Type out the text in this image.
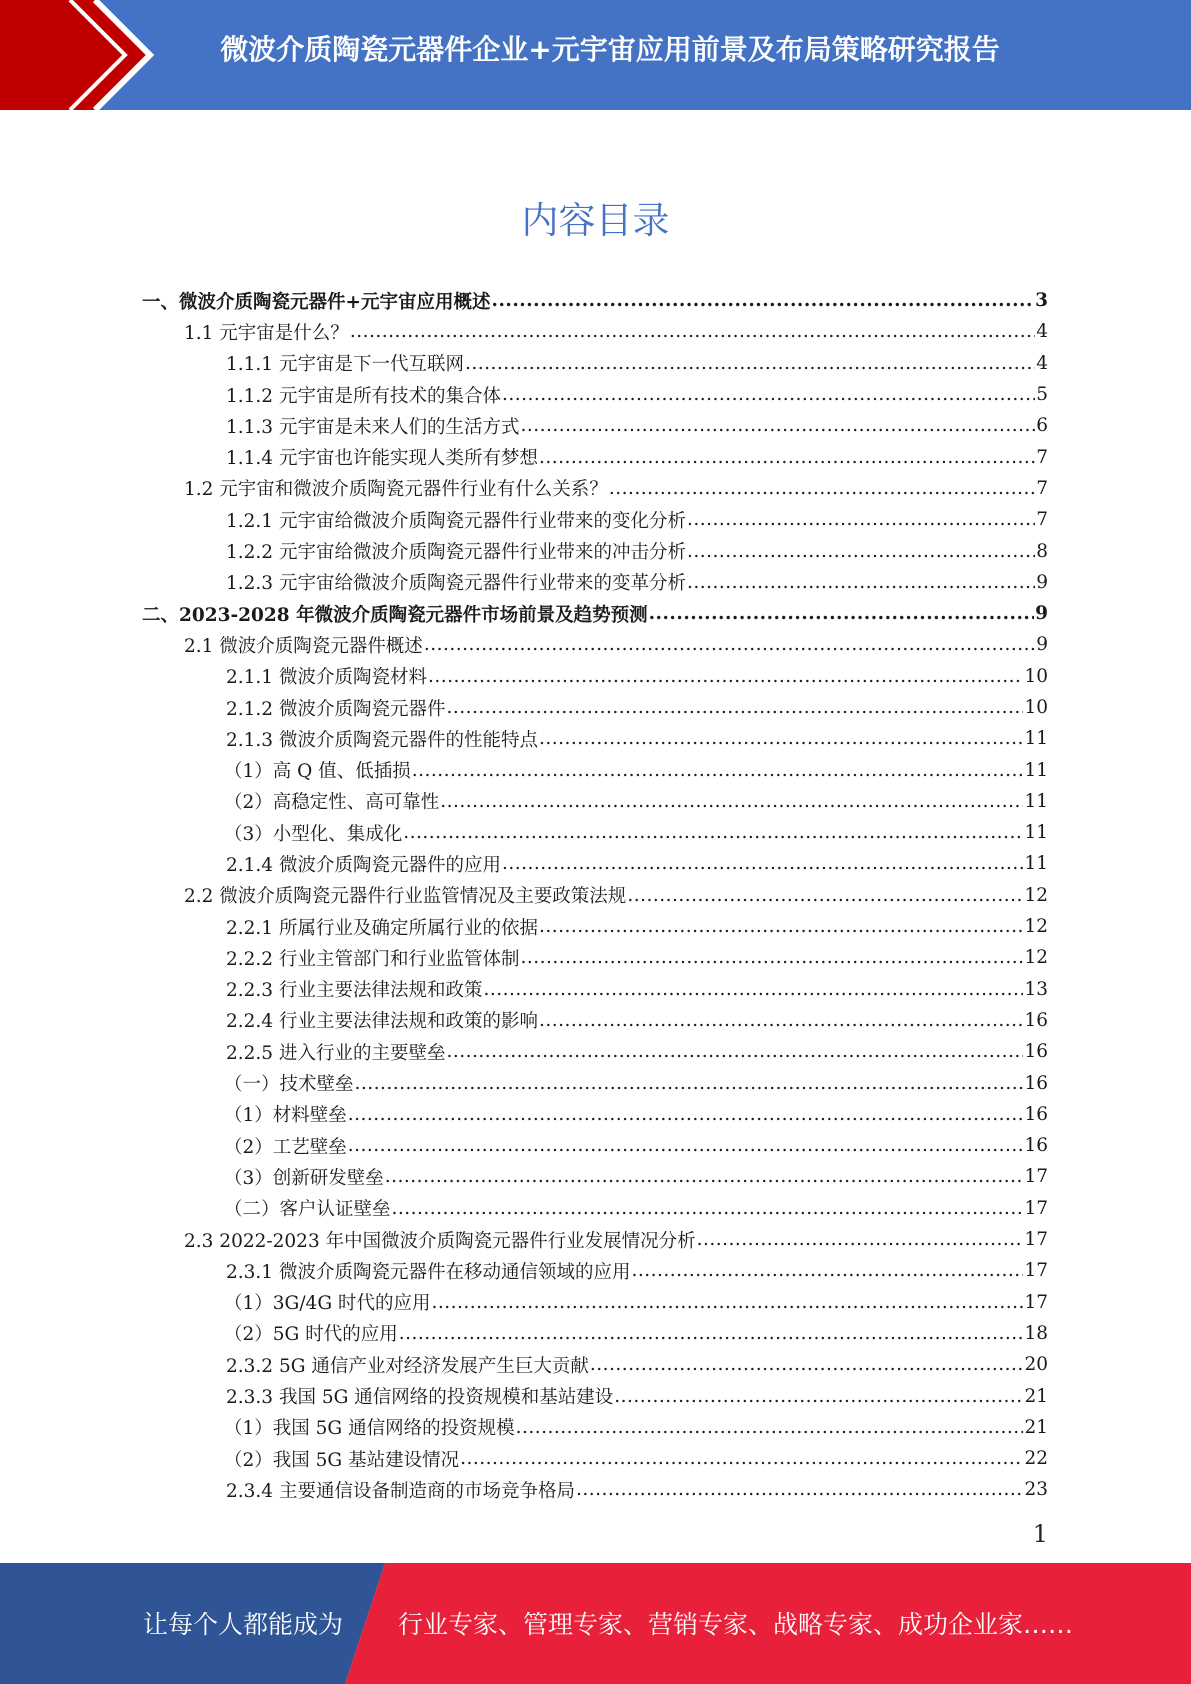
微波介质陶瓷元器件企业+元宇宙应用前景及布局策略研究报告
内容目录
一、微波介质陶瓷元器件+元宇宙应用概述 .....	3
1.1 元宇宙是什么？ .....	4
1.1.1 元宇宙是下一代互联网 .....	4
1.1.2 元宇宙是所有技术的集合体 .....	5
1.1.3 元宇宙是未来人们的生活方式 .....	6
1.1.4 元宇宙也许能实现人类所有梦想 .....	7
1.2 元宇宙和微波介质陶瓷元器件行业有什么关系？ .....	7
1.2.1 元宇宙给微波介质陶瓷元器件行业带来的变化分析 .....	7
1.2.2 元宇宙给微波介质陶瓷元器件行业带来的冲击分析 .....	8
1.2.3 元宇宙给微波介质陶瓷元器件行业带来的变革分析 .....	9
二、2023-2028 年微波介质陶瓷元器件市场前景及趋势预测 .....	9
2.1 微波介质陶瓷元器件概述 .....	9
2.1.1 微波介质陶瓷材料 .....	10
2.1.2 微波介质陶瓷元器件 .....	10
2.1.3 微波介质陶瓷元器件的性能特点 .....	11
（1）高 Q 值、低插损 .....	11
（2）高稳定性、高可靠性 .....	11
（3）小型化、集成化 .....	11
2.1.4 微波介质陶瓷元器件的应用 .....	11
2.2 微波介质陶瓷元器件行业监管情况及主要政策法规 .....	12
2.2.1 所属行业及确定所属行业的依据 .....	12
2.2.2 行业主管部门和行业监管体制 .....	12
2.2.3 行业主要法律法规和政策 .....	13
2.2.4 行业主要法律法规和政策的影响 .....	16
2.2.5 进入行业的主要壁垒 .....	16
（一）技术壁垒 .....	16
（1）材料壁垒 .....	16
（2）工艺壁垒 .....	16
（3）创新研发壁垒 .....	17
（二）客户认证壁垒 .....	17
2.3 2022-2023 年中国微波介质陶瓷元器件行业发展情况分析 .....	17
2.3.1 微波介质陶瓷元器件在移动通信领域的应用 .....	17
（1）3G/4G 时代的应用 .....	17
（2）5G 时代的应用 .....	18
2.3.2 5G 通信产业对经济发展产生巨大贡献 .....	20
2.3.3 我国 5G 通信网络的投资规模和基站建设 .....	21
（1）我国 5G 通信网络的投资规模 .....	21
（2）我国 5G 基站建设情况 .....	22
2.3.4 主要通信设备制造商的市场竞争格局 .....	23
1
让每个人都能成为 行业专家、管理专家、营销专家、战略专家、成功企业家……
